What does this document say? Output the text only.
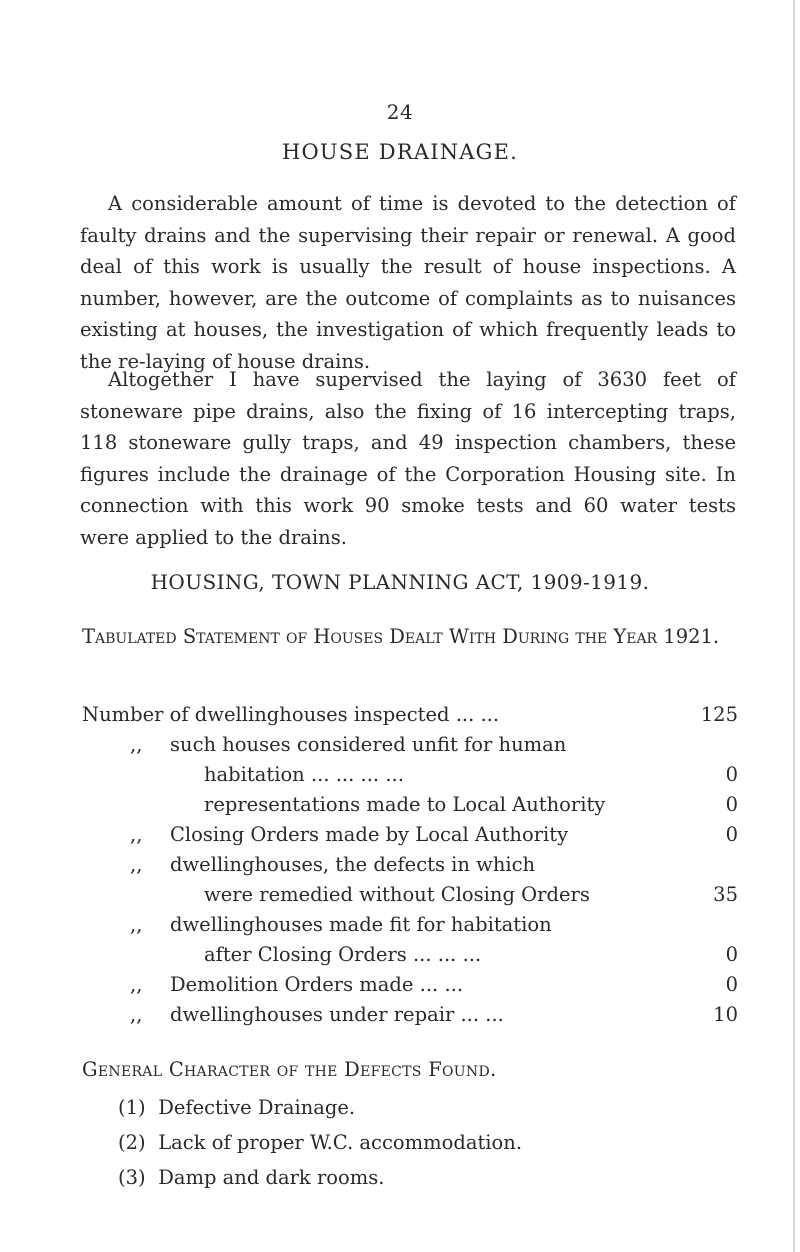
24
HOUSE DRAINAGE.

A considerable amount of time is devoted to the detection of faulty drains and the supervising their repair or renewal. A good deal of this work is usually the result of house inspections. A number, however, are the outcome of complaints as to nuisances existing at houses, the investigation of which frequently leads to the re-laying of house drains.

Altogether I have supervised the laying of 3630 feet of stoneware pipe drains, also the fixing of 16 intercepting traps, 118 stoneware gully traps, and 49 inspection chambers, these figures include the drainage of the Corporation Housing site. In connection with this work 90 smoke tests and 60 water tests were applied to the drains.

HOUSING, TOWN PLANNING ACT, 1909-1919.

Tabulated Statement of Houses Dealt With During the Year 1921.

Number of dwellinghouses inspected ... ...	125
,, such houses considered unfit for human
habitation ... ... ... ...	0
representations made to Local Authority	0
,, Closing Orders made by Local Authority	0
,, dwellinghouses, the defects in which
were remedied without Closing Orders	35
,, dwellinghouses made fit for habitation
after Closing Orders ... ... ...	0
,, Demolition Orders made ... ...	0
,, dwellinghouses under repair ... ...	10
General Character of the Defects Found.
(1) Defective Drainage.
(2) Lack of proper W.C. accommodation.
(3) Damp and dark rooms.
